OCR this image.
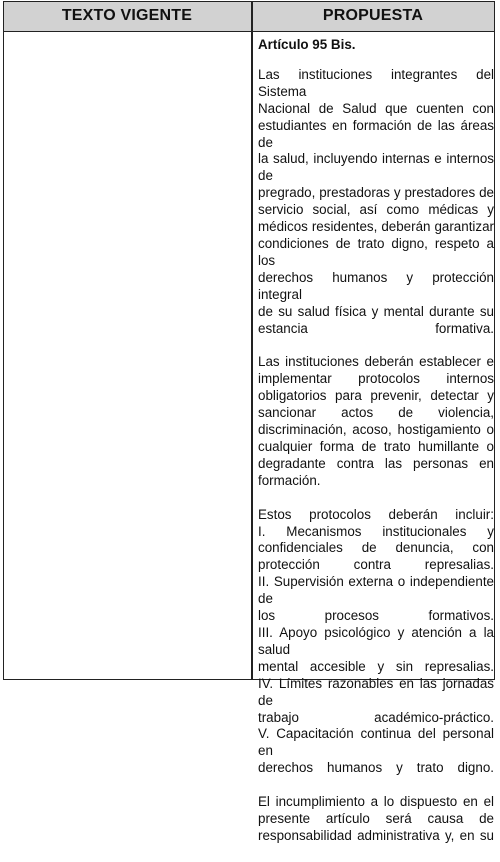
TEXTO VIGENTE	PROPUESTA
Artículo 95 Bis.
Las instituciones integrantes del Sistema
Nacional de Salud que cuenten con
estudiantes en formación de las áreas de
la salud, incluyendo internas e internos de
pregrado, prestadoras y prestadores de
servicio social, así como médicas y
médicos residentes, deberán garantizar
condiciones de trato digno, respeto a los
derechos humanos y protección integral
de su salud física y mental durante su
estancia formativa.
Las instituciones deberán establecer e
implementar protocolos internos
obligatorios para prevenir, detectar y
sancionar actos de violencia,
discriminación, acoso, hostigamiento o
cualquier forma de trato humillante o
degradante contra las personas en
formación.
Estos protocolos deberán incluir:
I. Mecanismos institucionales y
confidenciales de denuncia, con
protección contra represalias.
II. Supervisión externa o independiente de
los procesos formativos.
III. Apoyo psicológico y atención a la salud
mental accesible y sin represalias.
IV. Límites razonables en las jornadas de
trabajo académico-práctico.
V. Capacitación continua del personal en
derechos humanos y trato digno.
El incumplimiento a lo dispuesto en el
presente artículo será causa de
responsabilidad administrativa y, en su
